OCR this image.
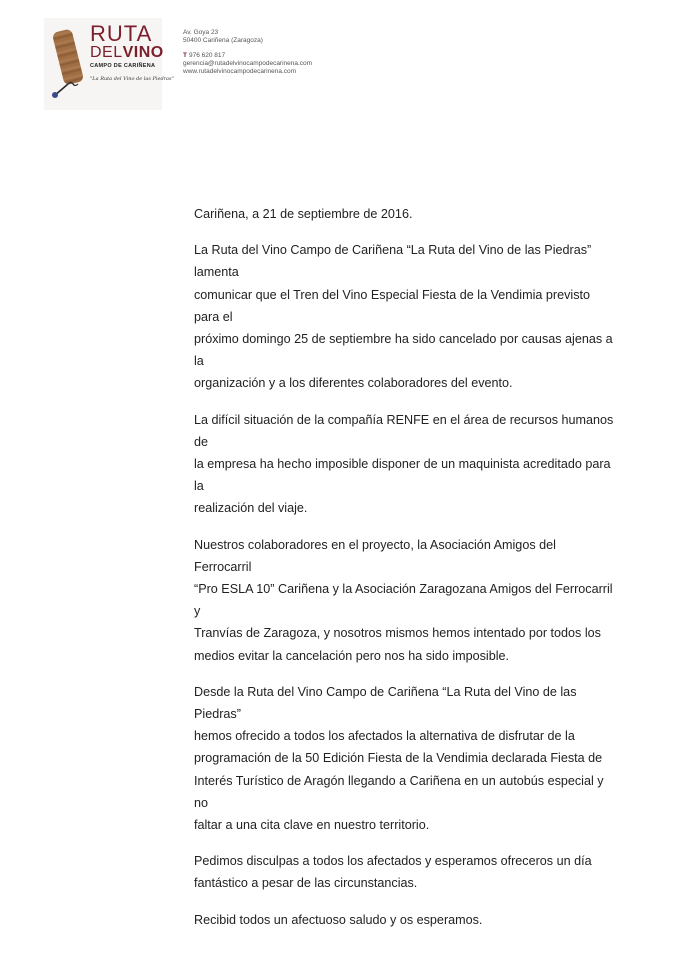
RUTA
DELVINO
CAMPO DE CARIÑENA
"La Ruta del Vino de las Piedras"
Av. Goya 23
50400 Cariñena (Zaragoza)
T 976 620 817
gerencia@rutadelvinocampodecarinena.com
www.rutadelvinocampodecarinena.com

Cariñena, a 21 de septiembre de 2016.

La Ruta del Vino Campo de Cariñena “La Ruta del Vino de las Piedras” lamenta
comunicar que el Tren del Vino Especial Fiesta de la Vendimia previsto para el
próximo domingo 25 de septiembre ha sido cancelado por causas ajenas a la
organización y a los diferentes colaboradores del evento.

La difícil situación de la compañía RENFE en el área de recursos humanos de
la empresa ha hecho imposible disponer de un maquinista acreditado para la
realización del viaje.

Nuestros colaboradores en el proyecto, la Asociación Amigos del Ferrocarril
“Pro ESLA 10” Cariñena y la Asociación Zaragozana Amigos del Ferrocarril y
Tranvías de Zaragoza, y nosotros mismos hemos intentado por todos los
medios evitar la cancelación pero nos ha sido imposible.

Desde la Ruta del Vino Campo de Cariñena “La Ruta del Vino de las Piedras”
hemos ofrecido a todos los afectados la alternativa de disfrutar de la
programación de la 50 Edición Fiesta de la Vendimia declarada Fiesta de
Interés Turístico de Aragón llegando a Cariñena en un autobús especial y no
faltar a una cita clave en nuestro territorio.

Pedimos disculpas a todos los afectados y esperamos ofreceros un día
fantástico a pesar de las circunstancias.

Recibid todos un afectuoso saludo y os esperamos.
